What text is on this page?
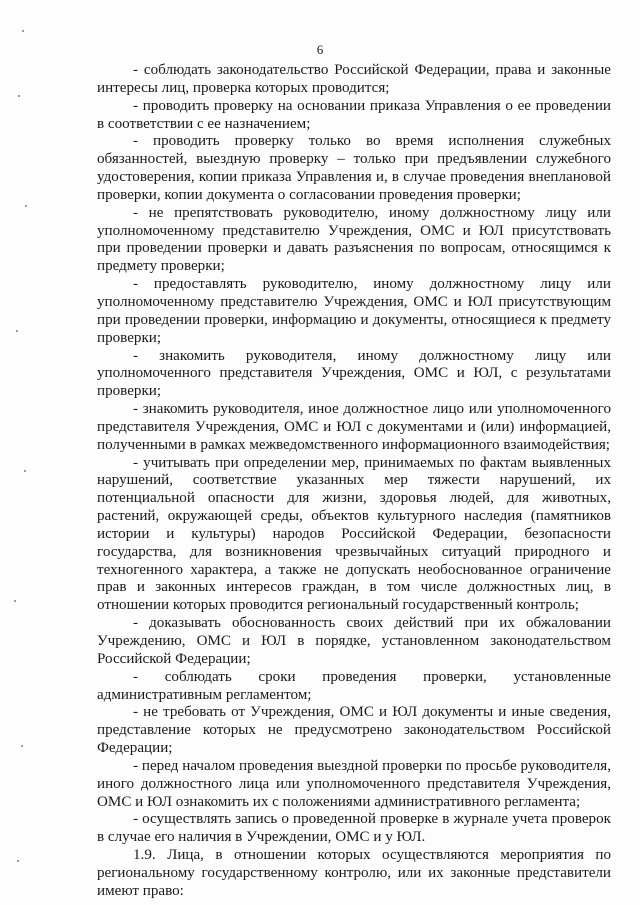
6

- соблюдать законодательство Российской Федерации, права и законные интересы лиц, проверка которых проводится;

- проводить проверку на основании приказа Управления о ее проведении в соответствии с ее назначением;

- проводить проверку только во время исполнения служебных обязанностей, выездную проверку – только при предъявлении служебного удостоверения, копии приказа Управления и, в случае проведения внеплановой проверки, копии документа о согласовании проведения проверки;

- не препятствовать руководителю, иному должностному лицу или уполномоченному представителю Учреждения, ОМС и ЮЛ присутствовать при проведении проверки и давать разъяснения по вопросам, относящимся к предмету проверки;

- предоставлять руководителю, иному должностному лицу или уполномоченному представителю Учреждения, ОМС и ЮЛ присутствующим при проведении проверки, информацию и документы, относящиеся к предмету проверки;

- знакомить руководителя, иному должностному лицу или уполномоченного представителя Учреждения, ОМС и ЮЛ, с результатами проверки;

- знакомить руководителя, иное должностное лицо или уполномоченного представителя Учреждения, ОМС и ЮЛ с документами и (или) информацией, полученными в рамках межведомственного информационного взаимодействия;

- учитывать при определении мер, принимаемых по фактам выявленных нарушений, соответствие указанных мер тяжести нарушений, их потенциальной опасности для жизни, здоровья людей, для животных, растений, окружающей среды, объектов культурного наследия (памятников истории и культуры) народов Российской Федерации, безопасности государства, для возникновения чрезвычайных ситуаций природного и техногенного характера, а также не допускать необоснованное ограничение прав и законных интересов граждан, в том числе должностных лиц, в отношении которых проводится региональный государственный контроль;

- доказывать обоснованность своих действий при их обжаловании Учреждению, ОМС и ЮЛ в порядке, установленном законодательством Российской Федерации;

- соблюдать сроки проведения проверки, установленные административным регламентом;

- не требовать от Учреждения, ОМС и ЮЛ документы и иные сведения, представление которых не предусмотрено законодательством Российской Федерации;

- перед началом проведения выездной проверки по просьбе руководителя, иного должностного лица или уполномоченного представителя Учреждения, ОМС и ЮЛ ознакомить их с положениями административного регламента;

- осуществлять запись о проведенной проверке в журнале учета проверок в случае его наличия в Учреждении, ОМС и у ЮЛ.

1.9. Лица, в отношении которых осуществляются мероприятия по региональному государственному контролю, или их законные представители имеют право:
